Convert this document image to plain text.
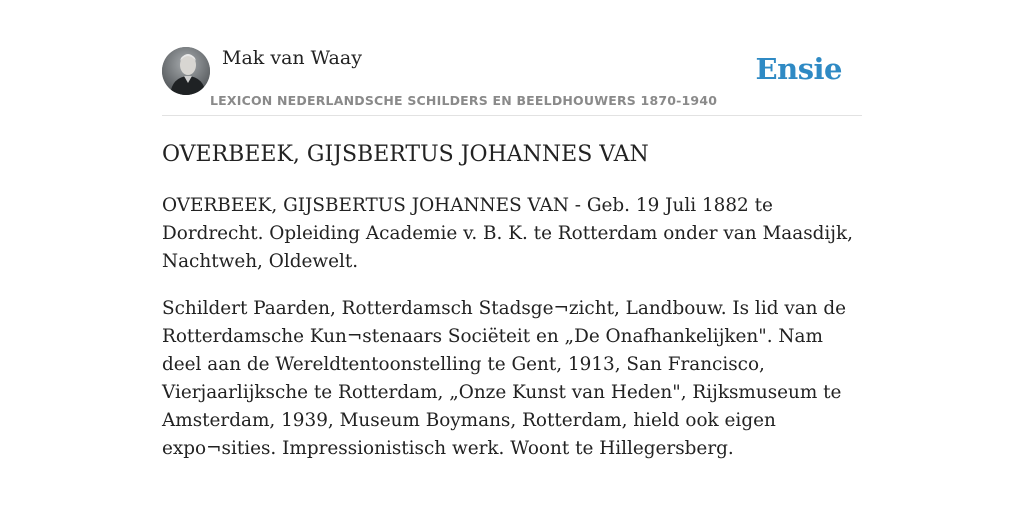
Mak van Waay
LEXICON NEDERLANDSCHE SCHILDERS EN BEELDHOUWERS 1870-1940
Ensie
OVERBEEK, GIJSBERTUS JOHANNES VAN

OVERBEEK, GIJSBERTUS JOHANNES VAN - Geb. 19 Juli 1882 te Dordrecht. Opleiding Academie v. B. K. te Rotterdam onder van Maasdijk, Nachtweh, Oldewelt.

Schildert Paarden, Rotterdamsch Stadsge¬zicht, Landbouw. Is lid van de Rotterdamsche Kun¬stenaars Sociëteit en „De Onafhankelijken". Nam deel aan de Wereldtentoonstelling te Gent, 1913, San Francisco, Vierjaarlijksche te Rotterdam, „Onze Kunst van Heden", Rijksmuseum te Amsterdam, 1939, Museum Boymans, Rotterdam, hield ook eigen expo¬sities. Impressionistisch werk. Woont te Hillegersberg.
